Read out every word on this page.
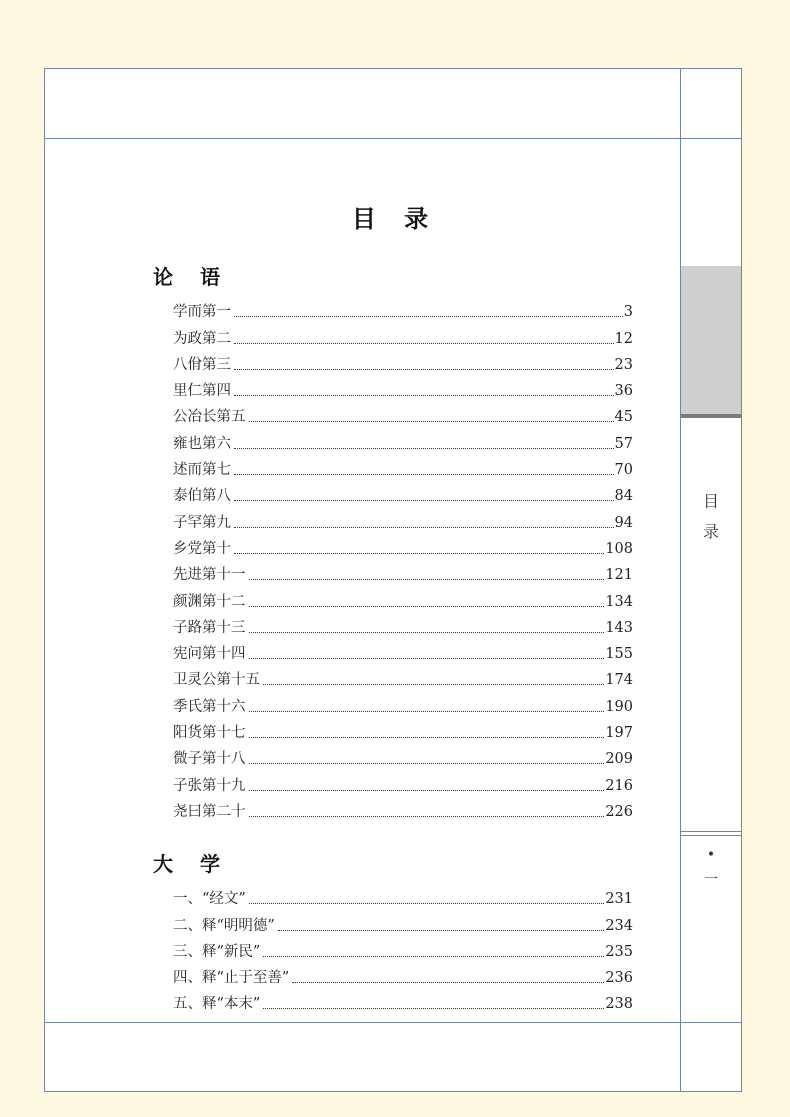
目
录
•
一
目 录
论 语
学而第一	3
为政第二	12
八佾第三	23
里仁第四	36
公冶长第五	45
雍也第六	57
述而第七	70
泰伯第八	84
子罕第九	94
乡党第十	108
先进第十一	121
颜渊第十二	134
子路第十三	143
宪问第十四	155
卫灵公第十五	174
季氏第十六	190
阳货第十七	197
微子第十八	209
子张第十九	216
尧曰第二十	226
大 学
一、“经文”	231
二、释“明明德”	234
三、释“新民”	235
四、释“止于至善”	236
五、释“本末”	238
